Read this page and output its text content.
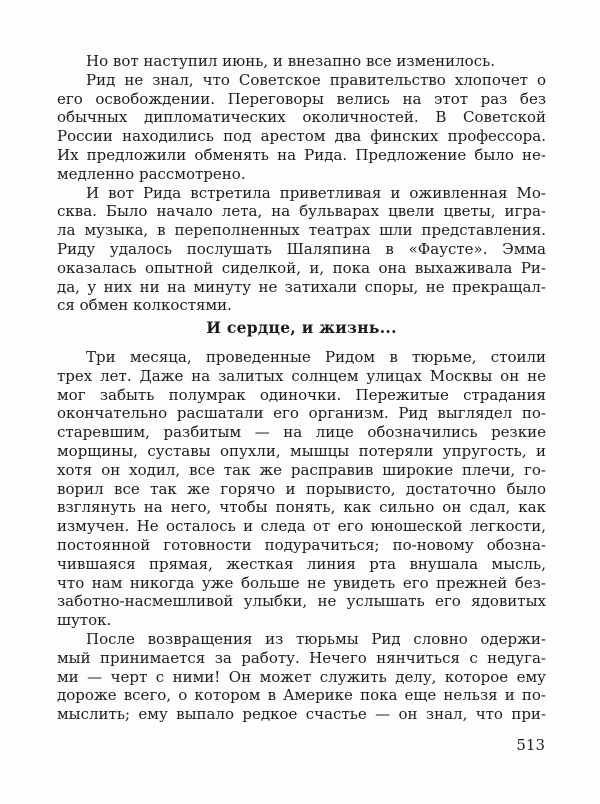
Но вот наступил июнь, и внезапно все изменилось.
Рид не знал, что Советское правительство хлопочет о
его освобождении. Переговоры велись на этот раз без
обычных дипломатических околичностей. В Советской
России находились под арестом два финских профессора.
Их предложили обменять на Рида. Предложение было не-
медленно рассмотрено.
И вот Рида встретила приветливая и оживленная Мо-
сква. Было начало лета, на бульварах цвели цветы, игра-
ла музыка, в переполненных театрах шли представления.
Риду удалось послушать Шаляпина в «Фаусте». Эмма
оказалась опытной сиделкой, и, пока она выхаживала Ри-
да, у них ни на минуту не затихали споры, не прекращал-
ся обмен колкостями.
И сердце, и жизнь...
Три месяца, проведенные Ридом в тюрьме, стоили
трех лет. Даже на залитых солнцем улицах Москвы он не
мог забыть полумрак одиночки. Пережитые страдания
окончательно расшатали его организм. Рид выглядел по-
старевшим, разбитым — на лице обозначились резкие
морщины, суставы опухли, мышцы потеряли упругость, и
хотя он ходил, все так же расправив широкие плечи, го-
ворил все так же горячо и порывисто, достаточно было
взглянуть на него, чтобы понять, как сильно он сдал, как
измучен. Не осталось и следа от его юношеской легкости,
постоянной готовности подурачиться; по-новому обозна-
чившаяся прямая, жесткая линия рта внушала мысль,
что нам никогда уже больше не увидеть его прежней без-
заботно-насмешливой улыбки, не услышать его ядовитых
шуток.
После возвращения из тюрьмы Рид словно одержи-
мый принимается за работу. Нечего нянчиться с недуга-
ми — черт с ними! Он может служить делу, которое ему
дороже всего, о котором в Америке пока еще нельзя и по-
мыслить; ему выпало редкое счастье — он знал, что при-
513
